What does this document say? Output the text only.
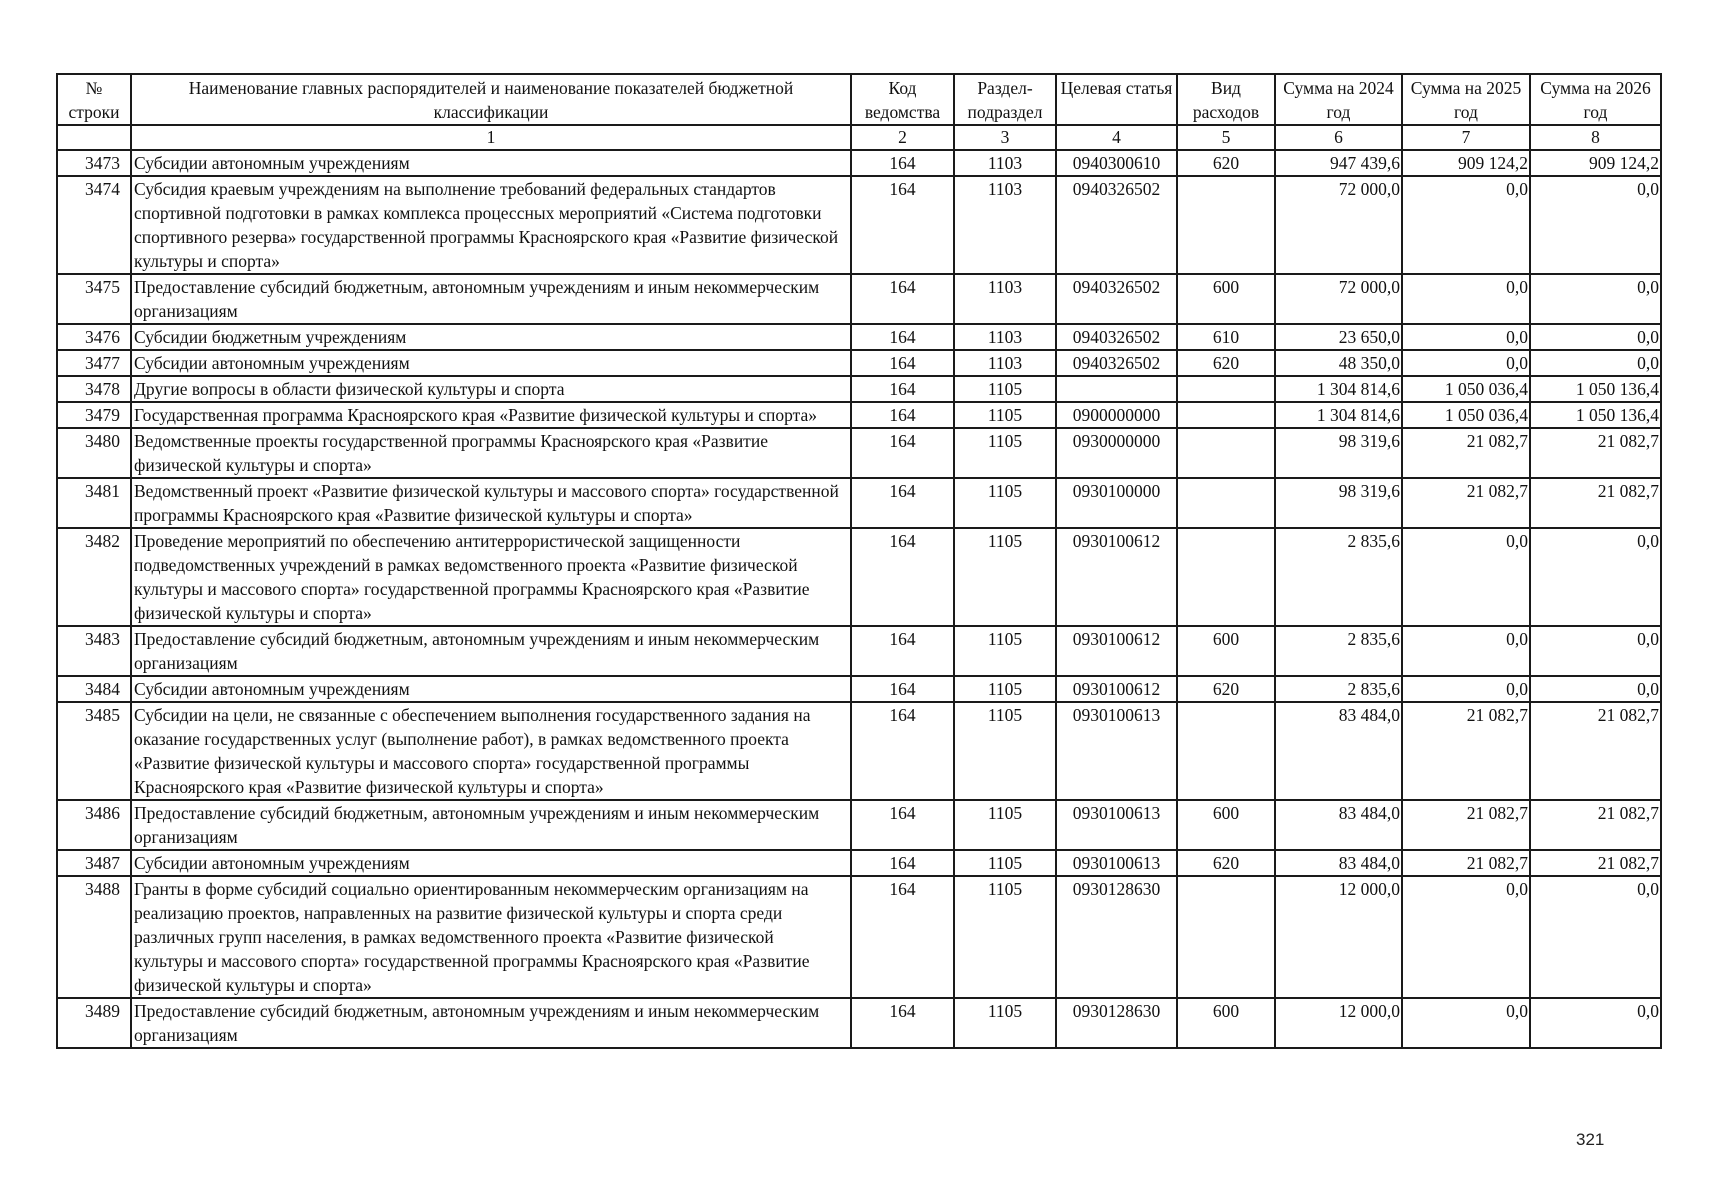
№ строки	Наименование главных распорядителей и наименование показателей бюджетной классификации	Код ведомства	Раздел-подраздел	Целевая статья	Вид расходов	Сумма на 2024 год	Сумма на 2025 год	Сумма на 2026 год
	1	2	3	4	5	6	7	8
3473	Субсидии автономным учреждениям	164	1103	0940300610	620	947 439,6	909 124,2	909 124,2
3474	Субсидия краевым учреждениям на выполнение требований федеральных стандартов спортивной подготовки в рамках комплекса процессных мероприятий «Система подготовки спортивного резерва» государственной программы Красноярского края «Развитие физической культуры и спорта»	164	1103	0940326502		72 000,0	0,0	0,0
3475	Предоставление субсидий бюджетным, автономным учреждениям и иным некоммерческим организациям	164	1103	0940326502	600	72 000,0	0,0	0,0
3476	Субсидии бюджетным учреждениям	164	1103	0940326502	610	23 650,0	0,0	0,0
3477	Субсидии автономным учреждениям	164	1103	0940326502	620	48 350,0	0,0	0,0
3478	Другие вопросы в области физической культуры и спорта	164	1105			1 304 814,6	1 050 036,4	1 050 136,4
3479	Государственная программа Красноярского края «Развитие физической культуры и спорта»	164	1105	0900000000		1 304 814,6	1 050 036,4	1 050 136,4
3480	Ведомственные проекты государственной программы Красноярского края «Развитие физической культуры и спорта»	164	1105	0930000000		98 319,6	21 082,7	21 082,7
3481	Ведомственный проект «Развитие физической культуры и массового спорта» государственной программы Красноярского края «Развитие физической культуры и спорта»	164	1105	0930100000		98 319,6	21 082,7	21 082,7
3482	Проведение мероприятий по обеспечению антитеррористической защищенности подведомственных учреждений в рамках ведомственного проекта «Развитие физической культуры и массового спорта» государственной программы Красноярского края «Развитие физической культуры и спорта»	164	1105	0930100612		2 835,6	0,0	0,0
3483	Предоставление субсидий бюджетным, автономным учреждениям и иным некоммерческим организациям	164	1105	0930100612	600	2 835,6	0,0	0,0
3484	Субсидии автономным учреждениям	164	1105	0930100612	620	2 835,6	0,0	0,0
3485	Субсидии на цели, не связанные с обеспечением выполнения государственного задания на оказание государственных услуг (выполнение работ), в рамках ведомственного проекта «Развитие физической культуры и массового спорта» государственной программы Красноярского края «Развитие физической культуры и спорта»	164	1105	0930100613		83 484,0	21 082,7	21 082,7
3486	Предоставление субсидий бюджетным, автономным учреждениям и иным некоммерческим организациям	164	1105	0930100613	600	83 484,0	21 082,7	21 082,7
3487	Субсидии автономным учреждениям	164	1105	0930100613	620	83 484,0	21 082,7	21 082,7
3488	Гранты в форме субсидий социально ориентированным некоммерческим организациям на реализацию проектов, направленных на развитие физической культуры и спорта среди различных групп населения, в рамках ведомственного проекта «Развитие физической культуры и массового спорта» государственной программы Красноярского края «Развитие физической культуры и спорта»	164	1105	0930128630		12 000,0	0,0	0,0
3489	Предоставление субсидий бюджетным, автономным учреждениям и иным некоммерческим организациям	164	1105	0930128630	600	12 000,0	0,0	0,0
321
